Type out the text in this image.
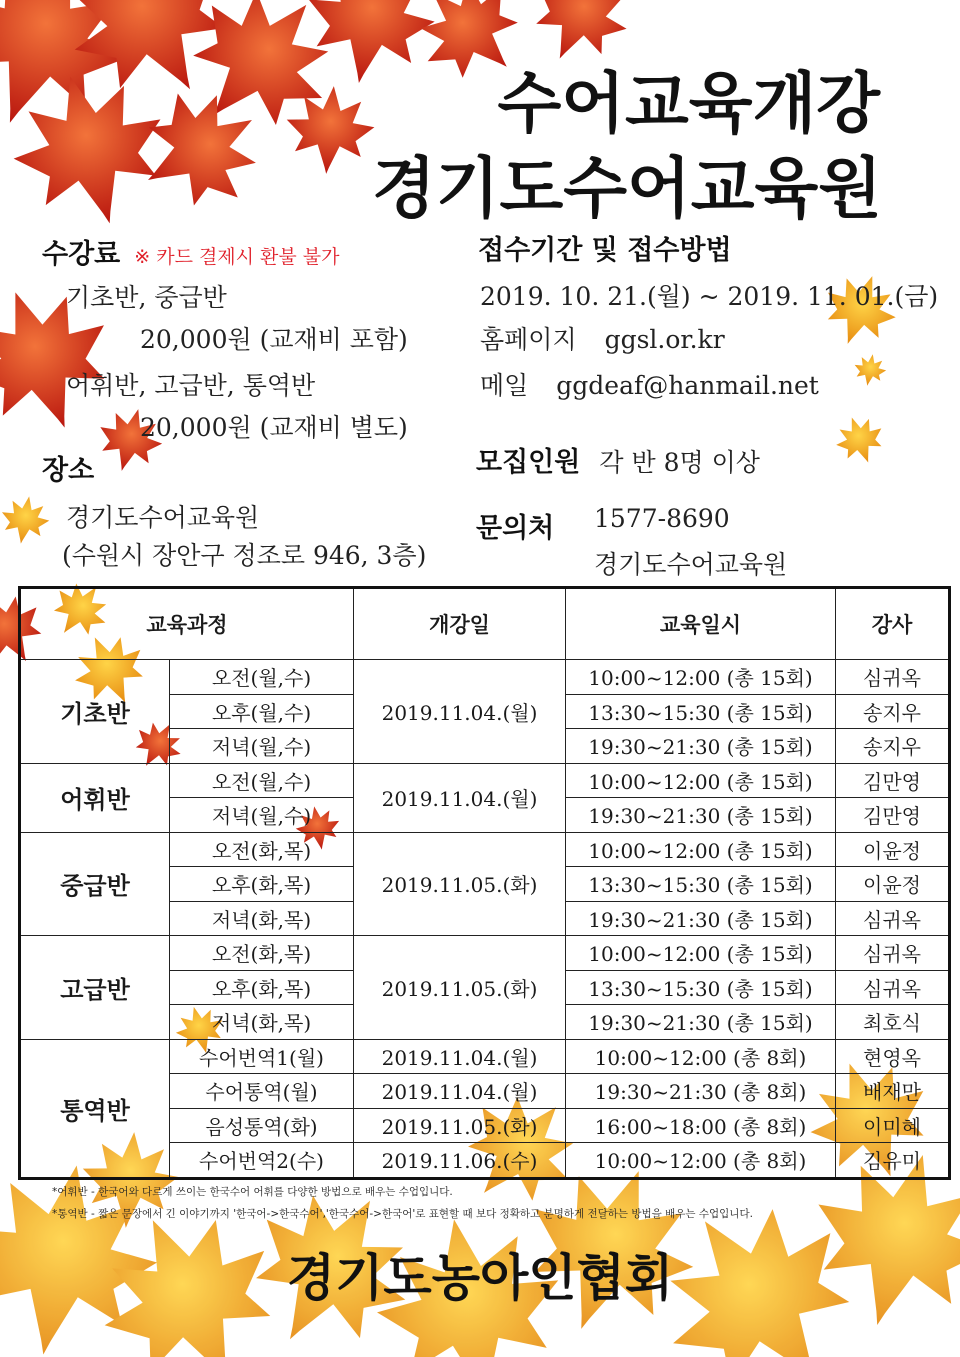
수어교육개강
경기도수어교육원
수강료 ※ 카드 결제시 환불 불가
기초반, 중급반
20,000원 (교재비 포함)
어휘반, 고급반, 통역반
20,000원 (교재비 별도)
장소
경기도수어교육원
(수원시 장안구 정조로 946, 3층)
접수기간 및 접수방법
2019. 10. 21.(월) ~ 2019. 11. 01.(금)
홈페이지 ggsl.or.kr
메일 ggdeaf@hanmail.net
모집인원 각 반 8명 이상
문의처 1577-8690
경기도수어교육원
교육과정		개강일	교육일시	강사
기초반	오전(월,수)	2019.11.04.(월)	10:00~12:00 (총 15회)	심귀옥
	오후(월,수)		13:30~15:30 (총 15회)	송지우
	저녁(월,수)		19:30~21:30 (총 15회)	송지우
어휘반	오전(월,수)	2019.11.04.(월)	10:00~12:00 (총 15회)	김만영
	저녁(월,수)		19:30~21:30 (총 15회)	김만영
중급반	오전(화,목)	2019.11.05.(화)	10:00~12:00 (총 15회)	이윤정
	오후(화,목)		13:30~15:30 (총 15회)	이윤정
	저녁(화,목)		19:30~21:30 (총 15회)	심귀옥
고급반	오전(화,목)	2019.11.05.(화)	10:00~12:00 (총 15회)	심귀옥
	오후(화,목)		13:30~15:30 (총 15회)	심귀옥
	저녁(화,목)		19:30~21:30 (총 15회)	최호식
통역반	수어번역1(월)	2019.11.04.(월)	10:00~12:00 (총 8회)	현영옥
	수어통역(월)	2019.11.04.(월)	19:30~21:30 (총 8회)	배재만
	음성통역(화)	2019.11.05.(화)	16:00~18:00 (총 8회)	이미혜
	수어번역2(수)	2019.11.06.(수)	10:00~12:00 (총 8회)	김유미
*어휘반 - 한국어와 다르게 쓰이는 한국수어 어휘를 다양한 방법으로 배우는 수업입니다.
*통역반 - 짧은 문장에서 긴 이야기까지 '한국어->한국수어','한국수어->한국어'로 표현할 때 보다 정확하고 분명하게 전달하는 방법을 배우는 수업입니다.
경기도농아인협회
